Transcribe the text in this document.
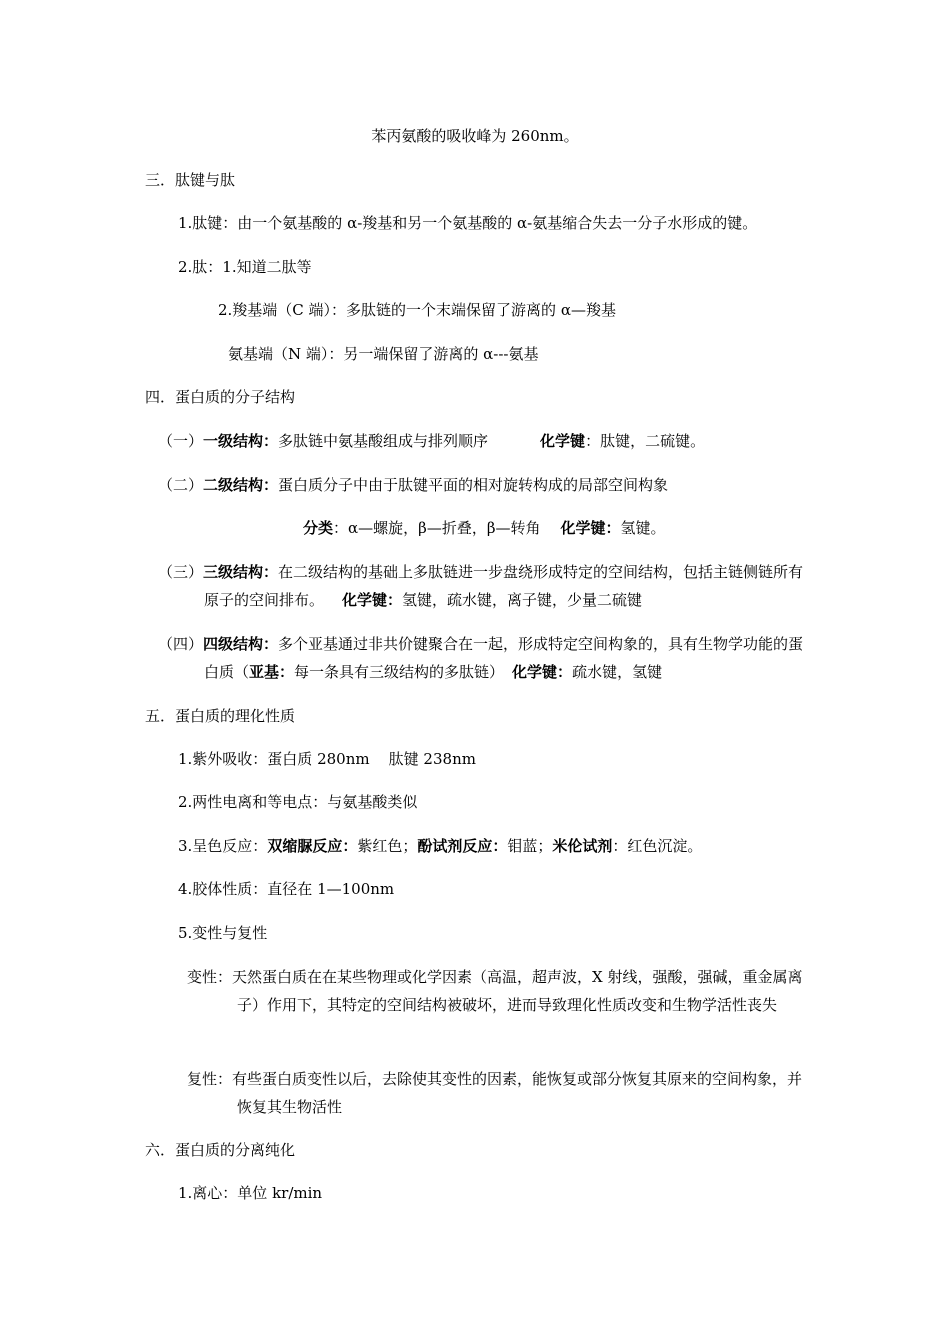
苯丙氨酸的吸收峰为 260nm。
三．肽键与肽
1.肽键：由一个氨基酸的 α-羧基和另一个氨基酸的 α-氨基缩合失去一分子水形成的键。
2.肽：1.知道二肽等
2.羧基端（C 端）：多肽链的一个末端保留了游离的 α—羧基
氨基端（N 端）：另一端保留了游离的 α---氨基
四．蛋白质的分子结构
（一）一级结构：多肽链中氨基酸组成与排列顺序	化学键：肽键，二硫键。
（二）二级结构：蛋白质分子中由于肽键平面的相对旋转构成的局部空间构象
分类：α—螺旋，β—折叠，β—转角 化学键：氢键。
（三）三级结构：在二级结构的基础上多肽链进一步盘绕形成特定的空间结构，包括主链侧链所有原子的空间排布。 化学键：氢键，疏水键，离子键，少量二硫键
（四）四级结构：多个亚基通过非共价键聚合在一起，形成特定空间构象的，具有生物学功能的蛋白质（亚基：每一条具有三级结构的多肽链） 化学键：疏水键，氢键
五．蛋白质的理化性质
1.紫外吸收：蛋白质 280nm    肽键 238nm
2.两性电离和等电点：与氨基酸类似
3.呈色反应：双缩脲反应：紫红色；酚试剂反应：钼蓝；米伦试剂：红色沉淀。
4.胶体性质：直径在 1—100nm
5.变性与复性
变性：天然蛋白质在在某些物理或化学因素（高温，超声波，X 射线，强酸，强碱，重金属离子）作用下，其特定的空间结构被破坏，进而导致理化性质改变和生物学活性丧失
复性：有些蛋白质变性以后，去除使其变性的因素，能恢复或部分恢复其原来的空间构象，并恢复其生物活性
六．蛋白质的分离纯化
1.离心：单位 kr/min
